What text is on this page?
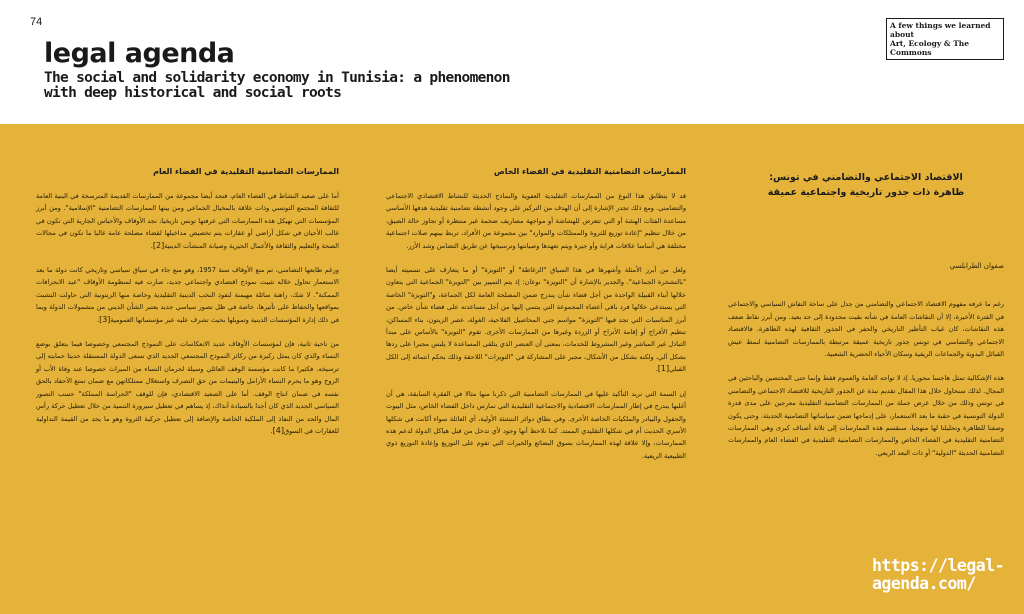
74
legal agenda
The social and solidarity economy in Tunisia: a phenomenon with deep historical and social roots
A few things we learned about
Art, Ecology & The Commons
الاقتصاد الاجتماعي والتضامني في تونس:
ظاهرة ذات جذور تاريخية واجتماعية عميقة
صفوان الطرابلسي

رغم ما عرفه مفهوم الاقتصاد الاجتماعي والتضامني من جدل على ساحة النقاش السياسي والاجتماعي في الفترة الأخيرة، إلا أن النقاشات العامة في شأنه بقيت محدودة إلى حد بعيد. ومن أبرز نقاط ضعف هذه النقاشات، كان غياب التأطير التاريخي والحفر في الجذور الثقافية لهذه الظاهرة. فالاقتصاد الاجتماعي والتضامني في تونس جذور تاريخية عميقة مرتبطة بالممارسات التضامنية لنمط عيش القبائل البدوية والجماعات الريفية وسكان الأحياء الحضرية الشعبية.

هذه الإشكالية تمثل هاجسا محوريا. إذ لا تواجه العامة والعموم فقط وإنما حتى المختصين والباحثين في المجال. لذلك سنحاول خلال هذا المقال تقديم نبذة عن الجذور التاريخية للاقتصاد الاجتماعي والتضامني في تونس وذلك من خلال عرض جملة من الممارسات التضامنية التقليدية معرجين على مدى قدرة الدولة التونسية في حقبة ما بعد الاستعمار، على إدماجها ضمن سياساتها التضامنية الحديثة. وحتى يكون وصفنا للظاهرة وتحليلنا لها منهجيا، سنقسم هذه الممارسات إلى ثلاثة أصناف كبرى وهي الممارسات التضامنية التقليدية في الفضاء الخاص والممارسات التضامنية التقليدية في الفضاء العام والممارسات التضامنية الحديثة "الدولية" أو ذات البعد الريعي.

الممارسات التضامنية التقليدية في الفضاء الخاص

قد لا يتطابق هذا النوع من الممارسات التقليدية العفوية والنماذج الحديثة للنشاط الاقتصادي الاجتماعي والتضامني. ومع ذلك تجدر الإشارة إلى أن الهدف من التركيز على وجود أنشطة تضامنية تقليدية هدفها الأساسي مساعدة الفئات الهشة أو التي تتعرض للهشاشة أو مواجهة مصاريف ضخمة غير منتظرة أو تجاوز حالة الضيق، من خلال تنظيم "إعادة توزيع للثروة والممتلكات والموارد" بين مجموعة من الأفراد، تربط بينهم صلات اجتماعية مختلفة هي أساسا علاقات قرابة وأو جيرة ويتم تعهدها وصيانتها وترسيخها عن طريق التضامن وشد الأزر.

ولعل من أبرز الأمثلة وأشهرها في هذا السياق "الزغاطة" أو "التويزة" أو ما يتعارف على تسميته أيضا "بالتشخرة الجماعية". والجدير بالإشارة أن "التويزة" نوعان: إذ يتم التمييز بين "التويزة" الجماعية التي يتعاون خلالها أبناء القبيلة الواحدة من أجل قضاء شأن يندرج ضمن المصلحة العامة لكل الجماعة، و"التويزة" الخاصة التي يستدعي خلالها فرد باقي أعضاء المجموعة التي ينتمي إليها من أجل مساعدته على قضاء شأن خاص. من أبرز المناسبات التي تجد فيها "التويزة" مواسم جني المحاصيل الفلاحية، الغولة، عصر الزيتون، بناء المساكن، تنظيم الأفراح أو إقامة الأتراح أو الزردة وغيرها من الممارسات الأخرى. تقوم "التويزة" بالأساس على مبدأ التبادل غير المباشر وغير المشروط للخدمات، بمعنى أن العنصر الذي يتلقى المساعدة لا يلبس مجبرا على ردها بشكل آلي، ولكنه بشكل من الأشكال، مجبر على المشاركة في "التويزات" اللاحقة وذلك بحكم انتمائه إلى الكل القبلي[1].

إن السمة التي نريد التأكيد عليها في الممارسات التضامنية التي ذكرنا منها مثالا في الفقرة السابقة، هي أن أغلبها يندرج في إطار الممارسات الاقتصادية والاجتماعية التقليدية التي تمارس داخل الفضاء الخاص، مثل البيوت والحقول والبيادر والملكيات الخاصة الأخرى. وفي نطاق دوائر التنشئة الأولية، أي العائلة سواء أكانت في شكلها الأسري الحديث أم في شكلها التقليدي الممتد. كما نلاحظ أنها وجود لأي تدخل من قبل هياكل الدولة لدعم هذه الممارسات، وإلا علاقة لهذه الممارسات بسوق البضائع والخيرات التي تقوم على التوزيع وإعادة التوزيع ذوي الطبيعية الريعية.

الممارسات التضامنية التقليدية في الفضاء العام

أما على صعيد النشاط في الفضاء العام، فنجد أيضا مجموعة من الممارسات القديمة المترسخة في البنية العامة للثقافة المجتمع التونسي وذات علاقة بالمخيال الجماعي ومن بينها الممارسات التضامنية "الإسلامية". ومن أبرز المؤسسات التي تهيكل هذه الممارسات التي عرفتها تونس تاريخيا، نجد الأوقاف والأحباس الجارية التي تكون في غالب الأحيان في شكل أراضي أو عقارات يتم تخصيص مداخيلها لقضاء مصلحة عامة غالبا ما تكون في مجالات الصحة والتعليم والثقافة والأعمال الخيرية وصيانة المنشآت الدينية[2].

ورغم طابعها التضامني، تم منع الأوقاف سنة 1957، وهو منع جاء في سياق سياسي وتاريخي كانت دولة ما بعد الاستعمار تحاول خلاله تثبيت نموذج اقتصادي واجتماعي جديد، صارت فيه لمنظومة الأوقاف "عيد الانحرافات الممكنة". لا شك، راهنة سائلة مهيمنة لنفوذ النخب الدينية التقليدية وخاصة منها الزيتونية التي حاولت التشبث بمواقعها والحفاظ على تأثيرها، خاصة في ظل تصور سياسي جديد يعتبر الشأن الديني من مشمولات الدولة وبما في ذلك إدارة المؤسسات الدينية وتمويلها بحيث تشرف عليه عبر مؤسساتها العمومية[3].

من ناحية ثانية، فإن لمؤسسات الأوقاف عديد الانعكاسات على النموذج المجتمعي وخصوصا فيما يتعلق بوضع النساء والذي كان يمثل ركيزة من ركائز النموذج المجتمعي الجديد الذي تسعى الدولة المستقلة حديثا حمايته إلى ترسيخه. فكثيرا ما كانت مؤسسة الوقف العائلي وسيلة لحرمان النساء من الميراث خصوصا عند وفاة الأب أو الزوج وهو ما يحرم النساء الأرامل واليتيمات من حق التصرف واستغلال ممتلكاتهن مع ضمان تمتع الأحفاد بالحق نفسه في ضمان انتاج الوقف. أما على الصعيد الاقتصادي، فإن للوقف "الحراسة المملكة" حسب التصور السياسي الجديد الذي كان أجدا بالسيادة آنذاك، إذ يساهم في تعطيل سيرورة التنمية من خلال تعطيل حركة رأس المال والحد من النفاذ إلى الملكية الخاصة والإضافة إلى تعطيل حركية الثروة وهو ما يحد من القيمة التداولية للعقارات في السوق[4].

https://legal-
agenda.com/
